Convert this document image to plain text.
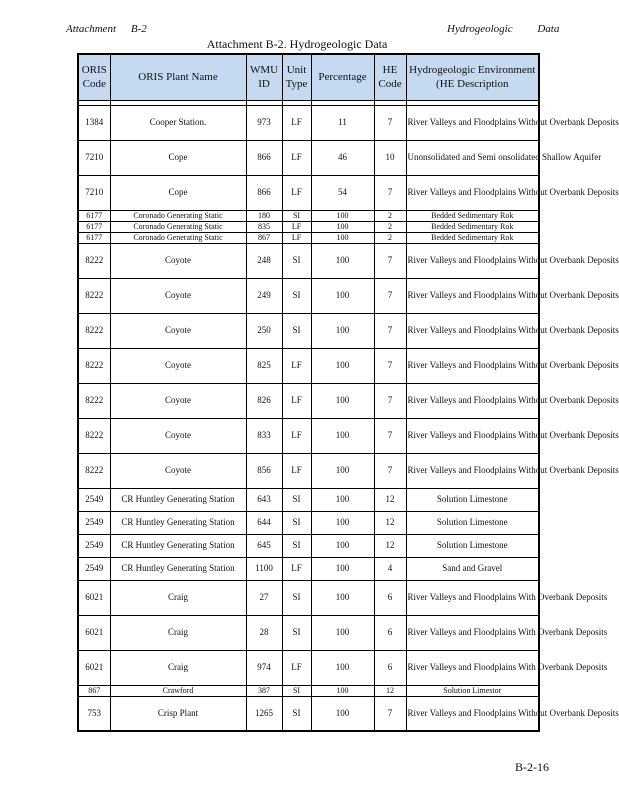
Attachment B-2	Hydrogeologic Data
Attachment B-2. Hydrogeologic Data
ORIS Code	ORIS Plant Name	WMU ID	Unit Type	Percentage	HE Code	Hydrogeologic Environment (HE Description

1384	Cooper Station.	973	LF	11	7	River Valleys and Floodplains Without Overbank Deposits
7210	Cope	866	LF	46	10	Unonsolidated and Semi onsolidated Shallow Aquifer
7210	Cope	866	LF	54	7	River Valleys and Floodplains Without Overbank Deposits
6177	Coronado Generating Static	180	SI	100	2	Bedded Sedimentary Rok
6177	Coronado Generating Static	835	LF	100	2	Bedded Sedimentary Rok
6177	Coronado Generating Static	867	LF	100	2	Bedded Sedimentary Rok
8222	Coyote	248	SI	100	7	River Valleys and Floodplains Without Overbank Deposits
8222	Coyote	249	SI	100	7	River Valleys and Floodplains Without Overbank Deposits
8222	Coyote	250	SI	100	7	River Valleys and Floodplains Without Overbank Deposits
8222	Coyote	825	LF	100	7	River Valleys and Floodplains Without Overbank Deposits
8222	Coyote	826	LF	100	7	River Valleys and Floodplains Without Overbank Deposits
8222	Coyote	833	LF	100	7	River Valleys and Floodplains Without Overbank Deposits
8222	Coyote	856	LF	100	7	River Valleys and Floodplains Without Overbank Deposits
2549	CR Huntley Generating Station	643	SI	100	12	Solution Limestone
2549	CR Huntley Generating Station	644	SI	100	12	Solution Limestone
2549	CR Huntley Generating Station	645	SI	100	12	Solution Limestone
2549	CR Huntley Generating Station	1100	LF	100	4	Sand and Gravel
6021	Craig	27	SI	100	6	River Valleys and Floodplains With Overbank Deposits
6021	Craig	28	SI	100	6	River Valleys and Floodplains With Overbank Deposits
6021	Craig	974	LF	100	6	River Valleys and Floodplains With Overbank Deposits
867	Crawford	387	SI	100	12	Solution Limestor
753	Crisp Plant	1265	SI	100	7	River Valleys and Floodplains Without Overbank Deposits
B-2-16
